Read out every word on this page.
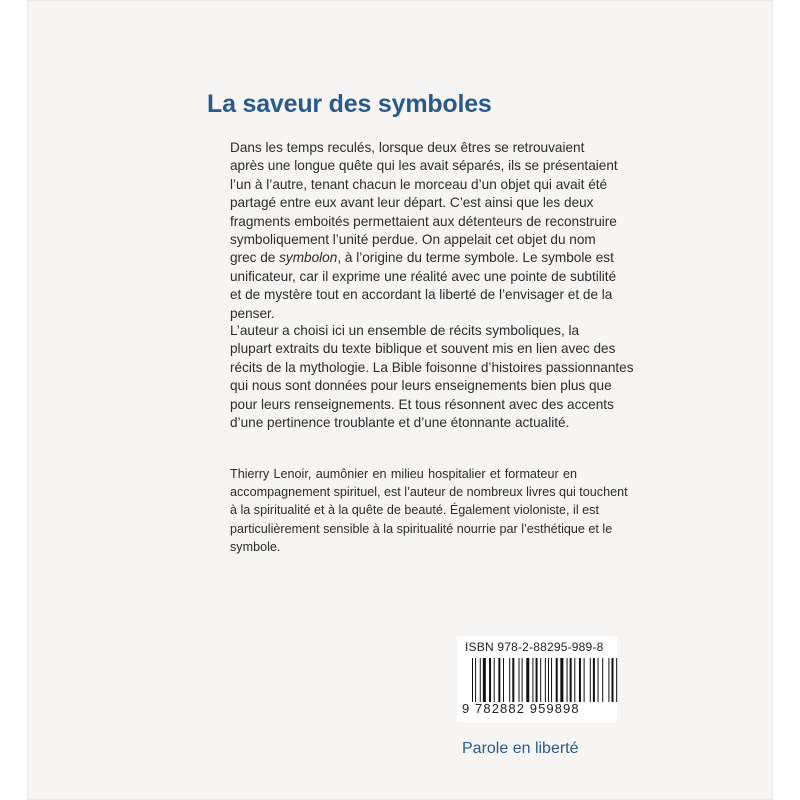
La saveur des symboles
Dans les temps reculés, lorsque deux êtres se retrouvaient
après une longue quête qui les avait séparés, ils se présentaient
l’un à l’autre, tenant chacun le morceau d’un objet qui avait été
partagé entre eux avant leur départ. C’est ainsi que les deux
fragments emboités permettaient aux détenteurs de reconstruire
symboliquement l’unité perdue. On appelait cet objet du nom
grec de symbolon, à l’origine du terme symbole. Le symbole est
unificateur, car il exprime une réalité avec une pointe de subtilité
et de mystère tout en accordant la liberté de l’envisager et de la
penser.
L’auteur a choisi ici un ensemble de récits symboliques, la
plupart extraits du texte biblique et souvent mis en lien avec des
récits de la mythologie. La Bible foisonne d’histoires passionnantes
qui nous sont données pour leurs enseignements bien plus que
pour leurs renseignements. Et tous résonnent avec des accents
d’une pertinence troublante et d’une étonnante actualité.
Thierry Lenoir, aumônier en milieu hospitalier et formateur en
accompagnement spirituel, est l’auteur de nombreux livres qui touchent
à la spiritualité et à la quête de beauté. Également violoniste, il est
particulièrement sensible à la spiritualité nourrie par l’esthétique et le
symbole.
ISBN 978-2-88295-989-8
9 782882 959898
Parole en liberté
